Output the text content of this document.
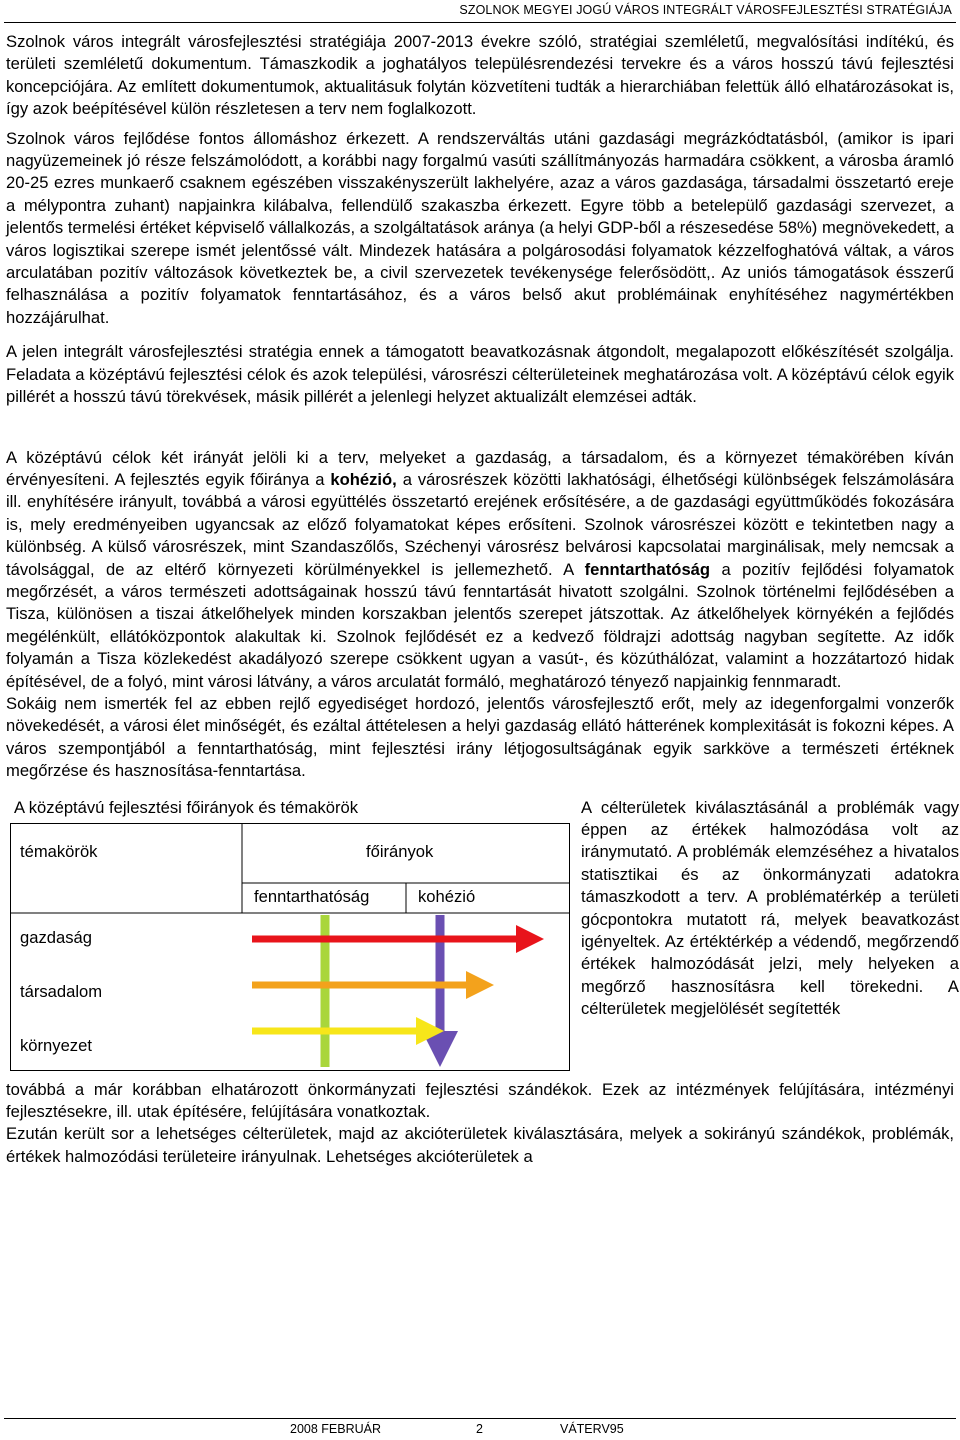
SZOLNOK MEGYEI JOGÚ VÁROS INTEGRÁLT VÁROSFEJLESZTÉSI STRATÉGIÁJA

Szolnok város integrált városfejlesztési stratégiája 2007-2013 évekre szóló, stratégiai szemléletű, megvalósítási indítékú, és területi szemléletű dokumentum. Támaszkodik a joghatályos településrendezési tervekre és a város hosszú távú fejlesztési koncepciójára. Az említett dokumentumok, aktualitásuk folytán közvetíteni tudták a hierarchiában felettük álló elhatározásokat is, így azok beépítésével külön részletesen a terv nem foglalkozott.

Szolnok város fejlődése fontos állomáshoz érkezett. A rendszerváltás utáni gazdasági megrázkódtatásból, (amikor is ipari nagyüzemeinek jó része felszámolódott, a korábbi nagy forgalmú vasúti szállítmányozás harmadára csökkent, a városba áramló 20-25 ezres munkaerő csaknem egészében visszakényszerült lakhelyére, azaz a város gazdasága, társadalmi összetartó ereje a mélypontra zuhant) napjainkra kilábalva, fellendülő szakaszba érkezett. Egyre több a betelepülő gazdasági szervezet, a jelentős termelési értéket képviselő vállalkozás, a szolgáltatások aránya (a helyi GDP-ből a részesedése 58%) megnövekedett, a város logisztikai szerepe ismét jelentőssé vált. Mindezek hatására a polgárosodási folyamatok kézzelfoghatóvá váltak, a város arculatában pozitív változások következtek be, a civil szervezetek tevékenysége felerősödött,. Az uniós támogatások ésszerű felhasználása a pozitív folyamatok fenntartásához, és a város belső akut problémáinak enyhítéséhez nagymértékben hozzájárulhat.

A jelen integrált városfejlesztési stratégia ennek a támogatott beavatkozásnak átgondolt, megalapozott előkészítését szolgálja. Feladata a középtávú fejlesztési célok és azok települési, városrészi célterületeinek meghatározása volt. A középtávú célok egyik pillérét a hosszú távú törekvések, másik pillérét a jelenlegi helyzet aktualizált elemzései adták.

A középtávú célok két irányát jelöli ki a terv, melyeket a gazdaság, a társadalom, és a környezet témakörében kíván érvényesíteni. A fejlesztés egyik főiránya a kohézió, a városrészek közötti lakhatósági, élhetőségi különbségek felszámolására ill. enyhítésére irányult, továbbá a városi együttélés összetartó erejének erősítésére, a de gazdasági együttműködés fokozására is, mely eredményeiben ugyancsak az előző folyamatokat képes erősíteni. Szolnok városrészei között e tekintetben nagy a különbség. A külső városrészek, mint Szandaszőlős, Széchenyi városrész belvárosi kapcsolatai marginálisak, mely nemcsak a távolsággal, de az eltérő környezeti körülményekkel is jellemezhető. A fenntarthatóság a pozitív fejlődési folyamatok megőrzését, a város természeti adottságainak hosszú távú fenntartását hivatott szolgálni. Szolnok történelmi fejlődésében a Tisza, különösen a tiszai átkelőhelyek minden korszakban jelentős szerepet játszottak. Az átkelőhelyek környékén a fejlődés megélénkült, ellátóközpontok alakultak ki. Szolnok fejlődését ez a kedvező földrajzi adottság nagyban segítette. Az idők folyamán a Tisza közlekedést akadályozó szerepe csökkent ugyan a vasút-, és közúthálózat, valamint a hozzátartozó hidak építésével, de a folyó, mint városi látvány, a város arculatát formáló, meghatározó tényező napjainkig fennmaradt.

Sokáig nem ismerték fel az ebben rejlő egyediséget hordozó, jelentős városfejlesztő erőt, mely az idegenforgalmi vonzerők növekedését, a városi élet minőségét, és ezáltal áttételesen a helyi gazdaság ellátó hátterének komplexitását is fokozni képes. A város szempontjából a fenntarthatóság, mint fejlesztési irány létjogosultságának egyik sarkköve a természeti értéknek megőrzése és hasznosítása-fenntartása.

A középtávú fejlesztési főirányok és témakörök
témakörök	főirányok
fenntarthatóság	kohézió
gazdaság
társadalom
környezet
A célterületek kiválasztásánál a problémák vagy éppen az értékek halmozódása volt az iránymutató. A problémák elemzéséhez a hivatalos statisztikai és az önkormányzati adatokra támaszkodott a terv. A problématérkép a területi gócpontokra mutatott rá, melyek beavatkozást igényeltek. Az értéktérkép a védendő, megőrzendő értékek halmozódását jelzi, mely helyeken a megőrző hasznosításra kell törekedni. A célterületek megjelölését segítették

továbbá a már korábban elhatározott önkormányzati fejlesztési szándékok. Ezek az intézmények felújítására, intézményi fejlesztésekre, ill. utak építésére, felújítására vonatkoztak.

Ezután került sor a lehetséges célterületek, majd az akcióterületek kiválasztására, melyek a sokirányú szándékok, problémák, értékek halmozódási területeire irányulnak. Lehetséges akcióterületek a

2008 FEBRUÁR	2	VÁTERV95
